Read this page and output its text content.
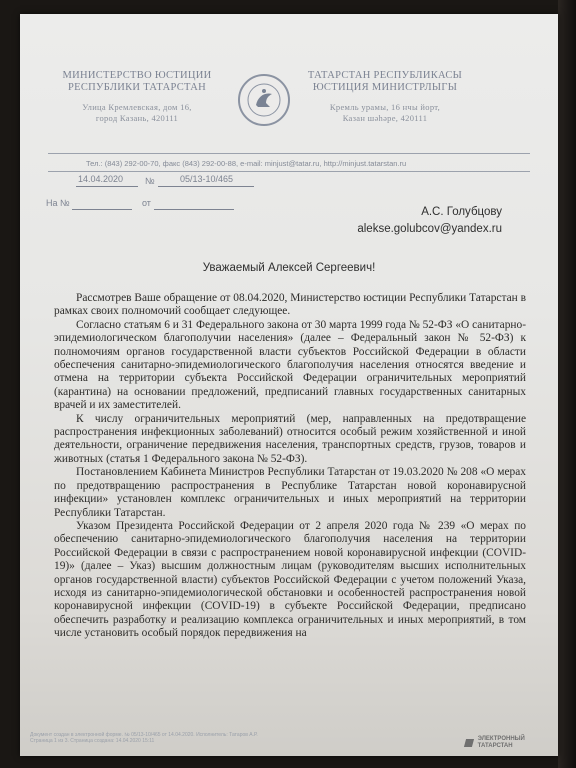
МИНИСТЕРСТВО ЮСТИЦИИ
РЕСПУБЛИКИ ТАТАРСТАН
Улица Кремлевская, дом 16,
город Казань, 420111
ТАТАРСТАН РЕСПУБЛИКАСЫ
ЮСТИЦИЯ МИНИСТРЛЫГЫ
Кремль урамы, 16 нчы йорт,
Казан шəhəре, 420111
Тел.: (843) 292-00-70, факс (843) 292-00-88, e-mail: minjust@tatar.ru, http://minjust.tatarstan.ru
14.04.2020 №	05/13-10/465
На №	от
А.С. Голубцову
alekse.golubcov@yandex.ru
Уважаемый Алексей Сергеевич!

Рассмотрев Ваше обращение от 08.04.2020, Министерство юстиции Республики Татарстан в рамках своих полномочий сообщает следующее.

Согласно статьям 6 и 31 Федерального закона от 30 марта 1999 года № 52-ФЗ «О санитарно-эпидемиологическом благополучии населения» (далее – Федеральный закон № 52-ФЗ) к полномочиям органов государственной власти субъектов Российской Федерации в области обеспечения санитарно-эпидемиологического благополучия населения относятся введение и отмена на территории субъекта Российской Федерации ограничительных мероприятий (карантина) на основании предложений, предписаний главных государственных санитарных врачей и их заместителей.

К числу ограничительных мероприятий (мер, направленных на предотвращение распространения инфекционных заболеваний) относится особый режим хозяйственной и иной деятельности, ограничение передвижения населения, транспортных средств, грузов, товаров и животных (статья 1 Федерального закона № 52-ФЗ).

Постановлением Кабинета Министров Республики Татарстан от 19.03.2020 № 208 «О мерах по предотвращению распространения в Республике Татарстан новой коронавирусной инфекции» установлен комплекс ограничительных и иных мероприятий на территории Республики Татарстан.

Указом Президента Российской Федерации от 2 апреля 2020 года № 239 «О мерах по обеспечению санитарно-эпидемиологического благополучия населения на территории Российской Федерации в связи с распространением новой коронавирусной инфекции (COVID-19)» (далее – Указ) высшим должностным лицам (руководителям высших исполнительных органов государственной власти) субъектов Российской Федерации с учетом положений Указа, исходя из санитарно-эпидемиологической обстановки и особенностей распространения новой коронавирусной инфекции (COVID-19) в субъекте Российской Федерации, предписано обеспечить разработку и реализацию комплекса ограничительных и иных мероприятий, в том числе установить особый порядок передвижения на

Документ создан в электронной форме. № 05/13-10/465 от 14.04.2020. Исполнитель: Татаров А.Р.
Страница 1 из 3. Страница создана: 14.04.2020 15:11	ЭЛЕКТРОННЫЙ
ТАТАРСТАН
